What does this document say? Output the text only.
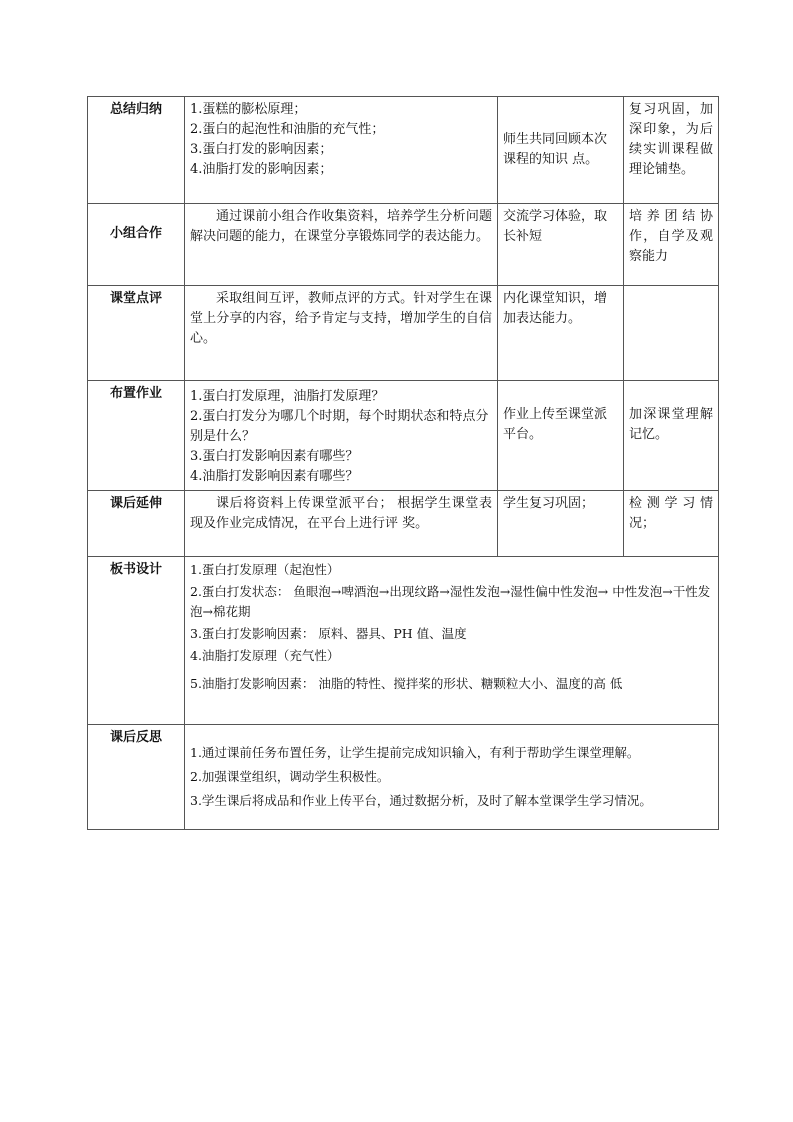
总结归纳	1.蛋糕的膨松原理；
2.蛋白的起泡性和油脂的充气性；
3.蛋白打发的影响因素；
4.油脂打发的影响因素；	师生共同回顾本次课程的知识 点。	复习巩固，加深印象，为后续实训课程做理论铺垫。
小组合作	通过课前小组合作收集资料，培养学生分析问题解决问题的能力，在课堂分享锻炼同学的表达能力。	交流学习体验，取长补短	培养团结协作，自学及观察能力
课堂点评	采取组间互评，教师点评的方式。针对学生在课堂上分享的内容，给予肯定与支持，增加学生的自信心。	内化课堂知识，增加表达能力。	
布置作业	1.蛋白打发原理，油脂打发原理？
2.蛋白打发分为哪几个时期，每个时期状态和特点分别是什么？
3.蛋白打发影响因素有哪些？
4.油脂打发影响因素有哪些？	作业上传至课堂派平台。	加深课堂理解记忆。
课后延伸	课后将资料上传课堂派平台； 根据学生课堂表现及作业完成情况，在平台上进行评 奖。	学生复习巩固；	检测学习情况；
板书设计	1.蛋白打发原理（起泡性）
2.蛋白打发状态： 鱼眼泡→啤酒泡→出现纹路→湿性发泡→湿性偏中性发泡→ 中性发泡→干性发泡→棉花期
3.蛋白打发影响因素： 原料、器具、PH 值、温度
4.油脂打发原理（充气性）
5.油脂打发影响因素： 油脂的特性、搅拌桨的形状、糖颗粒大小、温度的高 低		

课后反思	1.通过课前任务布置任务，让学生提前完成知识输入，有利于帮助学生课堂理解。
2.加强课堂组织，调动学生积极性。
3.学生课后将成品和作业上传平台，通过数据分析，及时了解本堂课学生学习情况。		
